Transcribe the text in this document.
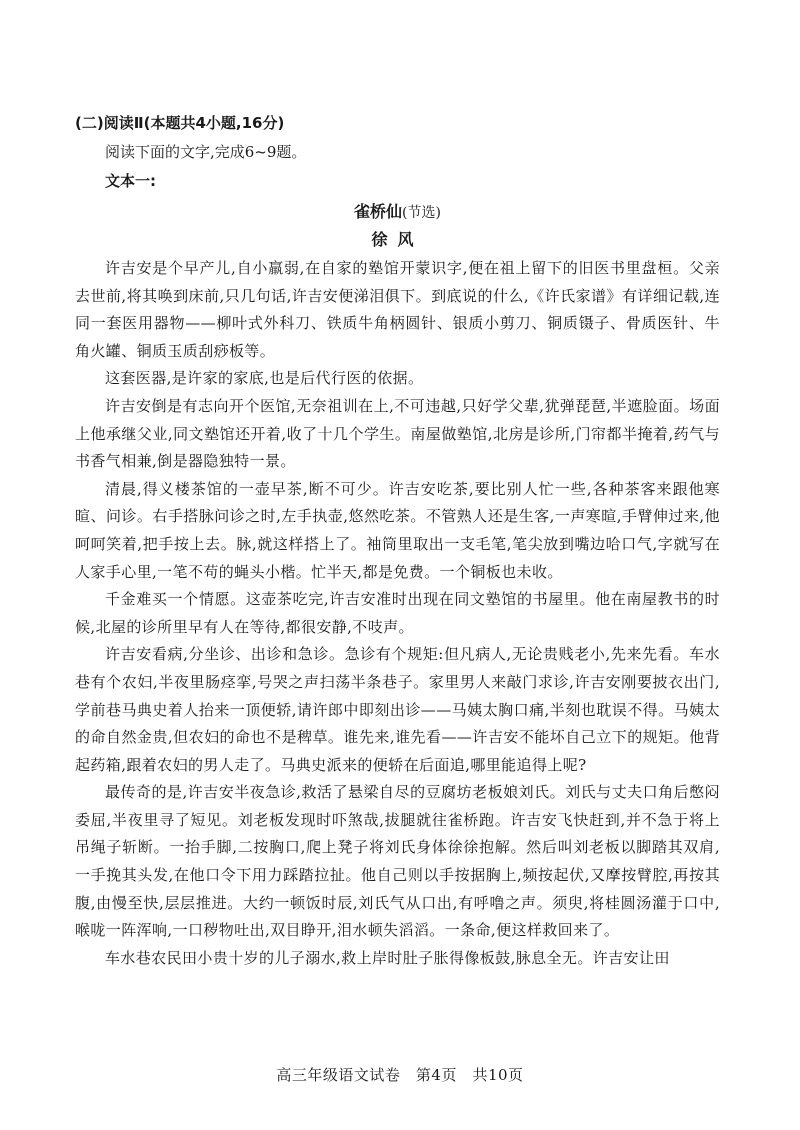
(二)阅读Ⅱ(本题共4小题,16分)
阅读下面的文字,完成6~9题。
文本一:
雀桥仙(节选)
徐风

许吉安是个早产儿,自小羸弱,在自家的塾馆开蒙识字,便在祖上留下的旧医书里盘桓。父亲去世前,将其唤到床前,只几句话,许吉安便涕泪俱下。到底说的什么,《许氏家谱》有详细记载,连同一套医用器物——柳叶式外科刀、铁质牛角柄圆针、银质小剪刀、铜质镊子、骨质医针、牛角火罐、铜质玉质刮痧板等。

这套医器,是许家的家底,也是后代行医的依据。

许吉安倒是有志向开个医馆,无奈祖训在上,不可违越,只好学父辈,犹弹琵琶,半遮脸面。场面上他承继父业,同文塾馆还开着,收了十几个学生。南屋做塾馆,北房是诊所,门帘都半掩着,药气与书香气相兼,倒是器隐独特一景。

清晨,得义楼茶馆的一壶早茶,断不可少。许吉安吃茶,要比别人忙一些,各种茶客来跟他寒暄、问诊。右手搭脉问诊之时,左手执壶,悠然吃茶。不管熟人还是生客,一声寒暄,手臂伸过来,他呵呵笑着,把手按上去。脉,就这样搭上了。袖筒里取出一支毛笔,笔尖放到嘴边哈口气,字就写在人家手心里,一笔不苟的蝇头小楷。忙半天,都是免费。一个铜板也未收。

千金难买一个情愿。这壶茶吃完,许吉安准时出现在同文塾馆的书屋里。他在南屋教书的时候,北屋的诊所里早有人在等待,都很安静,不吱声。

许吉安看病,分坐诊、出诊和急诊。急诊有个规矩:但凡病人,无论贵贱老小,先来先看。车水巷有个农妇,半夜里肠痉挛,号哭之声扫荡半条巷子。家里男人来敲门求诊,许吉安刚要披衣出门,学前巷马典史着人抬来一顶便轿,请许郎中即刻出诊——马姨太胸口痛,半刻也耽误不得。马姨太的命自然金贵,但农妇的命也不是稗草。谁先来,谁先看——许吉安不能坏自己立下的规矩。他背起药箱,跟着农妇的男人走了。马典史派来的便轿在后面追,哪里能追得上呢?

最传奇的是,许吉安半夜急诊,救活了悬梁自尽的豆腐坊老板娘刘氏。刘氏与丈夫口角后憋闷委屈,半夜里寻了短见。刘老板发现时吓煞哉,拔腿就往雀桥跑。许吉安飞快赶到,并不急于将上吊绳子斩断。一抬手脚,二按胸口,爬上凳子将刘氏身体徐徐抱解。然后叫刘老板以脚踏其双肩,一手挽其头发,在他口令下用力踩踏拉扯。他自己则以手按据胸上,频按起伏,又摩按臂腔,再按其腹,由慢至快,层层推进。大约一顿饭时辰,刘氏气从口出,有呼噜之声。须臾,将桂圆汤灌于口中,喉咙一阵浑响,一口秽物吐出,双目睁开,泪水顿失滔滔。一条命,便这样救回来了。

车水巷农民田小贵十岁的儿子溺水,救上岸时肚子胀得像板鼓,脉息全无。许吉安让田

高三年级语文试卷　第4页　共10页
